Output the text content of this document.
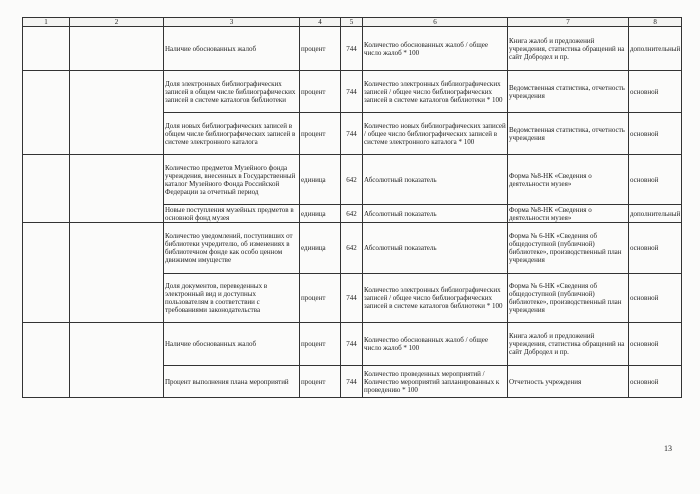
1	2	3	4	5	6	7	8
		Наличие обоснованных жалоб	процент	744	Количество обоснованных жалоб / общее число жалоб * 100	Книга жалоб и предложений учреждения, статистика обращений на сайт Добродел и пр.	дополнительный
		Доля электронных библиографических записей в общем числе библиографических записей в системе каталогов библиотеки	процент	744	Количество электронных библиографических записей / общее число библиографических записей в системе каталогов библиотеки * 100	Ведомственная статистика, отчетность учреждения	основной
		Доля новых библиографических записей в общем числе библиографических записей в системе электронного каталога	процент	744	Количество новых библиографических записей / общее число библиографических записей в системе электронного каталога * 100	Ведомственная статистика, отчетность учреждения	основной
		Количество предметов Музейного фонда учреждения, внесенных в Государственный каталог Музейного Фонда Российской Федерации за отчетный период	единица	642	Абсолютный показатель	Форма №8-НК «Сведения о деятельности музея»	основной
		Новые поступления музейных предметов в основной фонд музея	единица	642	Абсолютный показатель	Форма №8-НК «Сведения о деятельности музея»	дополнительный
		Количество уведомлений, поступивших от библиотеки учредителю, об изменениях в библиотечном фонде как особо ценном движимом имуществе	единица	642	Абсолютный показатель	Форма № 6-НК «Сведения об общедоступной (публичной) библиотеке», производственный план учреждения	основной
		Доля документов, переведенных в электронный вид и доступных пользователям в соответствии с требованиями законодательства	процент	744	Количество электронных библиографических записей / общее число библиографических записей в системе каталогов библиотеки * 100	Форма № 6-НК «Сведения об общедоступной (публичной) библиотеке», производственный план учреждения	основной
		Наличие обоснованных жалоб	процент	744	Количество обоснованных жалоб / общее число жалоб * 100	Книга жалоб и предложений учреждения, статистика обращений на сайт Добродел и пр.	основной
		Процент выполнения плана мероприятий	процент	744	Количество проведенных мероприятий / Количество мероприятий запланированных к проведению * 100	Отчетность учреждения	основной
13
